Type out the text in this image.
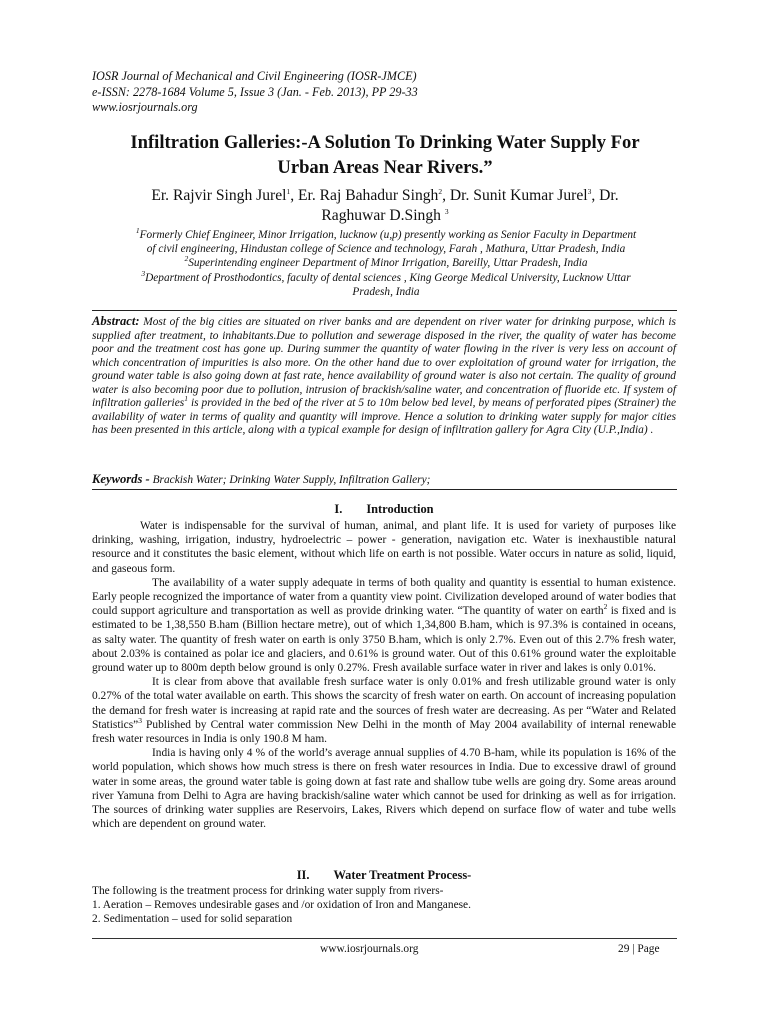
IOSR Journal of Mechanical and Civil Engineering (IOSR-JMCE)
e-ISSN: 2278-1684 Volume 5, Issue 3 (Jan. - Feb. 2013), PP 29-33
www.iosrjournals.org
Infiltration Galleries:-A Solution To Drinking Water Supply For
Urban Areas Near Rivers.”
Er. Rajvir Singh Jurel$^1$, Er. Raj Bahadur Singh$^2$, Dr. Sunit Kumar Jurel$^3$, Dr.
Raghuwar D.Singh $^3$
$^1$Formerly Chief Engineer, Minor Irrigation, lucknow (u,p) presently working as Senior Faculty in Department
of civil engineering, Hindustan college of Science and technology, Farah , Mathura, Uttar Pradesh, India
$^2$Superintending engineer Department of Minor Irrigation, Bareilly, Uttar Pradesh, India
$^3$Department of Prosthodontics, faculty of dental sciences , King George Medical University, Lucknow Uttar
Pradesh, India
Abstract: Most of the big cities are situated on river banks and are dependent on river water for drinking purpose, which is supplied after treatment, to inhabitants.Due to pollution and sewerage disposed in the river, the quality of water has become poor and the treatment cost has gone up. During summer the quantity of water flowing in the river is very less on account of which concentration of impurities is also more. On the other hand due to over exploitation of ground water for irrigation, the ground water table is also going down at fast rate, hence availability of ground water is also not certain. The quality of ground water is also becoming poor due to pollution, intrusion of brackish/saline water, and concentration of fluoride etc. If system of infiltration galleries$^1$ is provided in the bed of the river at 5 to 10m below bed level, by means of perforated pipes (Strainer) the availability of water in terms of quality and quantity will improve. Hence a solution to drinking water supply for major cities has been presented in this article, along with a typical example for design of infiltration gallery for Agra City (U.P.,India) .
Keywords - Brackish Water; Drinking Water Supply, Infiltration Gallery;
I. Introduction

Water is indispensable for the survival of human, animal, and plant life. It is used for variety of purposes like drinking, washing, irrigation, industry, hydroelectric – power - generation, navigation etc. Water is inexhaustible natural resource and it constitutes the basic element, without which life on earth is not possible. Water occurs in nature as solid, liquid, and gaseous form.

The availability of a water supply adequate in terms of both quality and quantity is essential to human existence. Early people recognized the importance of water from a quantity view point. Civilization developed around of water bodies that could support agriculture and transportation as well as provide drinking water. “The quantity of water on earth$^2$ is fixed and is estimated to be 1,38,550 B.ham (Billion hectare metre), out of which 1,34,800 B.ham, which is 97.3% is contained in oceans, as salty water. The quantity of fresh water on earth is only 3750 B.ham, which is only 2.7%. Even out of this 2.7% fresh water, about 2.03% is contained as polar ice and glaciers, and 0.61% is ground water. Out of this 0.61% ground water the exploitable ground water up to 800m depth below ground is only 0.27%. Fresh available surface water in river and lakes is only 0.01%.

It is clear from above that available fresh surface water is only 0.01% and fresh utilizable ground water is only 0.27% of the total water available on earth. This shows the scarcity of fresh water on earth. On account of increasing population the demand for fresh water is increasing at rapid rate and the sources of fresh water are decreasing. As per “Water and Related Statistics”$^3$ Published by Central water commission New Delhi in the month of May 2004 availability of internal renewable fresh water resources in India is only 190.8 M ham.

India is having only 4 % of the world’s average annual supplies of 4.70 B-ham, while its population is 16% of the world population, which shows how much stress is there on fresh water resources in India. Due to excessive drawl of ground water in some areas, the ground water table is going down at fast rate and shallow tube wells are going dry. Some areas around river Yamuna from Delhi to Agra are having brackish/saline water which cannot be used for drinking as well as for irrigation. The sources of drinking water supplies are Reservoirs, Lakes, Rivers which depend on surface flow of water and tube wells which are dependent on ground water.

II. Water Treatment Process-
The following is the treatment process for drinking water supply from rivers-
1. Aeration – Removes undesirable gases and /or oxidation of Iron and Manganese.
2. Sedimentation – used for solid separation
www.iosrjournals.org	29 | Page
